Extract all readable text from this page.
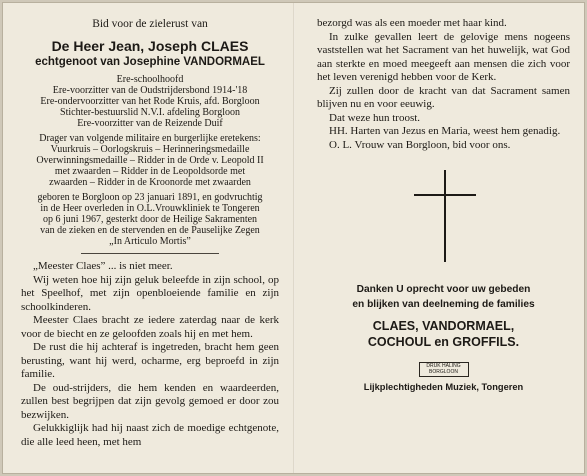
Bid voor de zielerust van

De Heer Jean, Joseph CLAES

echtgenoot van Josephine VANDORMAEL

Ere-schoolhoofd

Ere-voorzitter van de Oudstrijdersbond 1914-'18

Ere-ondervoorzitter van het Rode Kruis, afd. Borgloon

Stichter-bestuurslid N.V.I. afdeling Borgloon

Ere-voorzitter van de Reizende Duif

Drager van volgende militaire en burgerlijke eretekens:

Vuurkruis – Oorlogskruis – Herinneringsmedaille

Overwinningsmedaille – Ridder in de Orde v. Leopold II

met zwaarden – Ridder in de Leopoldsorde met

zwaarden – Ridder in de Kroonorde met zwaarden

geboren te Borgloon op 23 januari 1891, en godvruchtig

in de Heer overleden in O.L.Vrouwkliniek te Tongeren

op 6 juni 1967, gesterkt door de Heilige Sakramenten

van de zieken en de stervenden en de Pauselijke Zegen

„In Articulo Mortis”

„Meester Claes” ... is niet meer.

Wij weten hoe hij zijn geluk beleefde in zijn school, op het Speelhof, met zijn openbloeiende familie en zijn schoolkinderen.

Meester Claes bracht ze iedere zaterdag naar de kerk voor de biecht en ze geloofden zoals hij en met hem.

De rust die hij achteraf is ingetreden, bracht hem geen berusting, want hij werd, ocharme, erg beproefd in zijn familie.

De oud-strijders, die hem kenden en waardeerden, zullen best begrijpen dat zijn gevolg gemoed er door zou bezwijken.

Gelukkiglijk had hij naast zich de moedige echtgenote, die alle leed heen, met hem

bezorgd was als een moeder met haar kind.

In zulke gevallen leert de gelovige mens nogeens vaststellen wat het Sacrament van het huwelijk, wat God aan sterkte en moed meegeeft aan mensen die zich voor het leven verenigd hebben voor de Kerk.

Zij zullen door de kracht van dat Sacrament samen blijven nu en voor eeuwig.

Dat weze hun troost.

HH. Harten van Jezus en Maria, weest hem genadig.

O. L. Vrouw van Borgloon, bid voor ons.

Danken U oprecht voor uw gebeden

en blijken van deelneming de families

CLAES, VANDORMAEL,

COCHOUL en GROFFILS.

DRUK HALING
BORGLOON

Lijkplechtigheden Muziek, Tongeren
